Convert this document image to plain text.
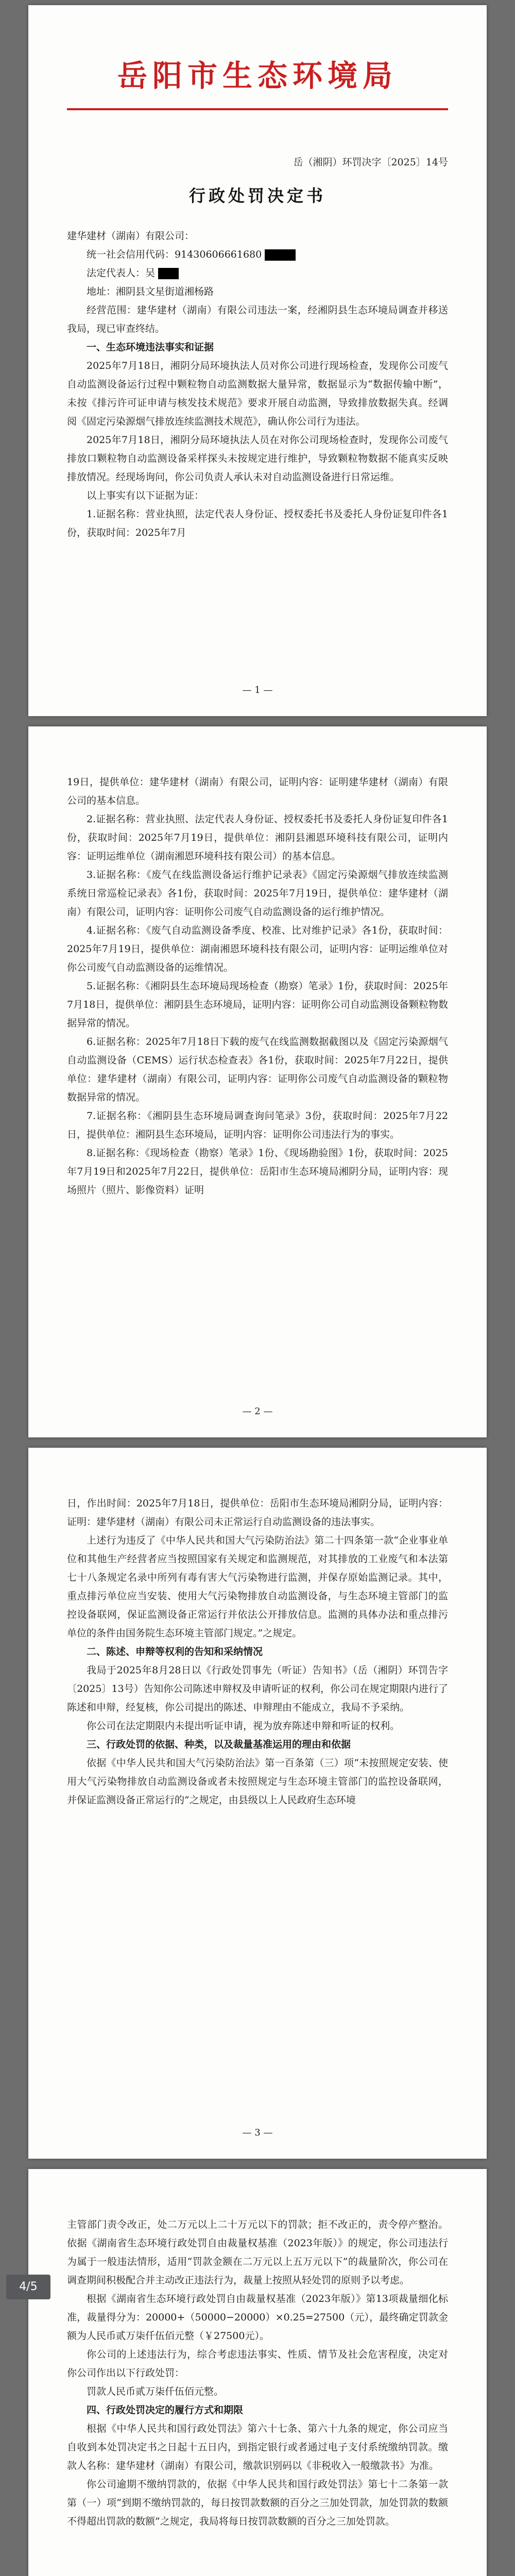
岳阳市生态环境局
岳（湘阴）环罚决字〔2025〕14号
行政处罚决定书

建华建材（湖南）有限公司：

统一社会信用代码：91430606661680

法定代表人：吴

地址：湘阴县文星街道湘杨路

经营范围：建华建材（湖南）有限公司违法一案，经湘阴县生态环境局调查并移送我局，现已审查终结。

一、生态环境违法事实和证据

2025年7月18日，湘阴分局环境执法人员对你公司进行现场检查，发现你公司废气自动监测设备运行过程中颗粒物自动监测数据大量异常，数据显示为“数据传输中断”，未按《排污许可证申请与核发技术规范》要求开展自动监测，导致排放数据失真。经调阅《固定污染源烟气排放连续监测技术规范》，确认你公司行为违法。

2025年7月18日，湘阴分局环境执法人员在对你公司现场检查时，发现你公司废气排放口颗粒物自动监测设备采样探头未按规定进行维护，导致颗粒物数据不能真实反映排放情况。经现场询问，你公司负责人承认未对自动监测设备进行日常运维。

以上事实有以下证据为证：

1.证据名称：营业执照，法定代表人身份证、授权委托书及委托人身份证复印件各1份，获取时间：2025年7月

— 1 —

19日，提供单位：建华建材（湖南）有限公司，证明内容：证明建华建材（湖南）有限公司的基本信息。

2.证据名称：营业执照、法定代表人身份证、授权委托书及委托人身份证复印件各1份，获取时间：2025年7月19日，提供单位：湘阴县湘恩环境科技有限公司，证明内容：证明运维单位（湖南湘恩环境科技有限公司）的基本信息。

3.证据名称：《废气在线监测设备运行维护记录表》《固定污染源烟气排放连续监测系统日常巡检记录表》各1份，获取时间：2025年7月19日，提供单位：建华建材（湖南）有限公司，证明内容：证明你公司废气自动监测设备的运行维护情况。

4.证据名称：《废气自动监测设备季度、校准、比对维护记录》各1份，获取时间：2025年7月19日，提供单位：湖南湘恩环境科技有限公司，证明内容：证明运维单位对你公司废气自动监测设备的运维情况。

5.证据名称：《湘阴县生态环境局现场检查（勘察）笔录》1份，获取时间：2025年7月18日，提供单位：湘阴县生态环境局，证明内容：证明你公司自动监测设备颗粒物数据异常的情况。

6.证据名称：2025年7月18日下载的废气在线监测数据截图以及《固定污染源烟气自动监测设备（CEMS）运行状态检查表》各1份，获取时间：2025年7月22日，提供单位：建华建材（湖南）有限公司，证明内容：证明你公司废气自动监测设备的颗粒物数据异常的情况。

7.证据名称：《湘阴县生态环境局调查询问笔录》3份，获取时间：2025年7月22日，提供单位：湘阴县生态环境局，证明内容：证明你公司违法行为的事实。

8.证据名称：《现场检查（勘察）笔录》1份、《现场勘验图》1份，获取时间：2025年7月19日和2025年7月22日，提供单位：岳阳市生态环境局湘阴分局，证明内容：现场照片（照片、影像资料）证明

— 2 —

日，作出时间：2025年7月18日，提供单位：岳阳市生态环境局湘阴分局，证明内容：证明：建华建材（湖南）有限公司未正常运行自动监测设备的违法事实。

上述行为违反了《中华人民共和国大气污染防治法》第二十四条第一款“企业事业单位和其他生产经营者应当按照国家有关规定和监测规范，对其排放的工业废气和本法第七十八条规定名录中所列有毒有害大气污染物进行监测，并保存原始监测记录。其中，重点排污单位应当安装、使用大气污染物排放自动监测设备，与生态环境主管部门的监控设备联网，保证监测设备正常运行并依法公开排放信息。监测的具体办法和重点排污单位的条件由国务院生态环境主管部门规定。”之规定。

二、陈述、申辩等权利的告知和采纳情况

我局于2025年8月28日以《行政处罚事先（听证）告知书》（岳（湘阴）环罚告字〔2025〕13号）告知你公司陈述申辩权及申请听证的权利，你公司在规定期限内进行了陈述和申辩，经复核，你公司提出的陈述、申辩理由不能成立，我局不予采纳。

你公司在法定期限内未提出听证申请，视为放弃陈述申辩和听证的权利。

三、行政处罚的依据、种类，以及裁量基准运用的理由和依据

依据《中华人民共和国大气污染防治法》第一百条第（三）项“未按照规定安装、使用大气污染物排放自动监测设备或者未按照规定与生态环境主管部门的监控设备联网，并保证监测设备正常运行的”之规定，由县级以上人民政府生态环境

— 3 —

主管部门责令改正，处二万元以上二十万元以下的罚款；拒不改正的，责令停产整治。依据《湖南省生态环境行政处罚自由裁量权基准（2023年版）》的规定，你公司违法行为属于一般违法情形，适用“罚款金额在二万元以上五万元以下”的裁量阶次，你公司在调查期间积极配合并主动改正违法行为，裁量上按照从轻处罚的原则予以考虑。

根据《湖南省生态环境行政处罚自由裁量权基准（2023年版）》第13项裁量细化标准，裁量得分为：20000+（50000−20000）×0.25=27500（元），最终确定罚款金额为人民币贰万柒仟伍佰元整（￥27500元）。

你公司的上述违法行为，综合考虑违法事实、性质、情节及社会危害程度，决定对你公司作出以下行政处罚：

罚款人民币贰万柒仟伍佰元整。

四、行政处罚决定的履行方式和期限

根据《中华人民共和国行政处罚法》第六十七条、第六十九条的规定，你公司应当自收到本处罚决定书之日起十五日内，到指定银行或者通过电子支付系统缴纳罚款。缴款人名称：建华建材（湖南）有限公司，缴款识别码以《非税收入一般缴款书》为准。

你公司逾期不缴纳罚款的，依据《中华人民共和国行政处罚法》第七十二条第一款第（一）项“到期不缴纳罚款的，每日按罚款数额的百分之三加处罚款，加处罚款的数额不得超出罚款的数额”之规定，我局将每日按罚款数额的百分之三加处罚款。

4/5
